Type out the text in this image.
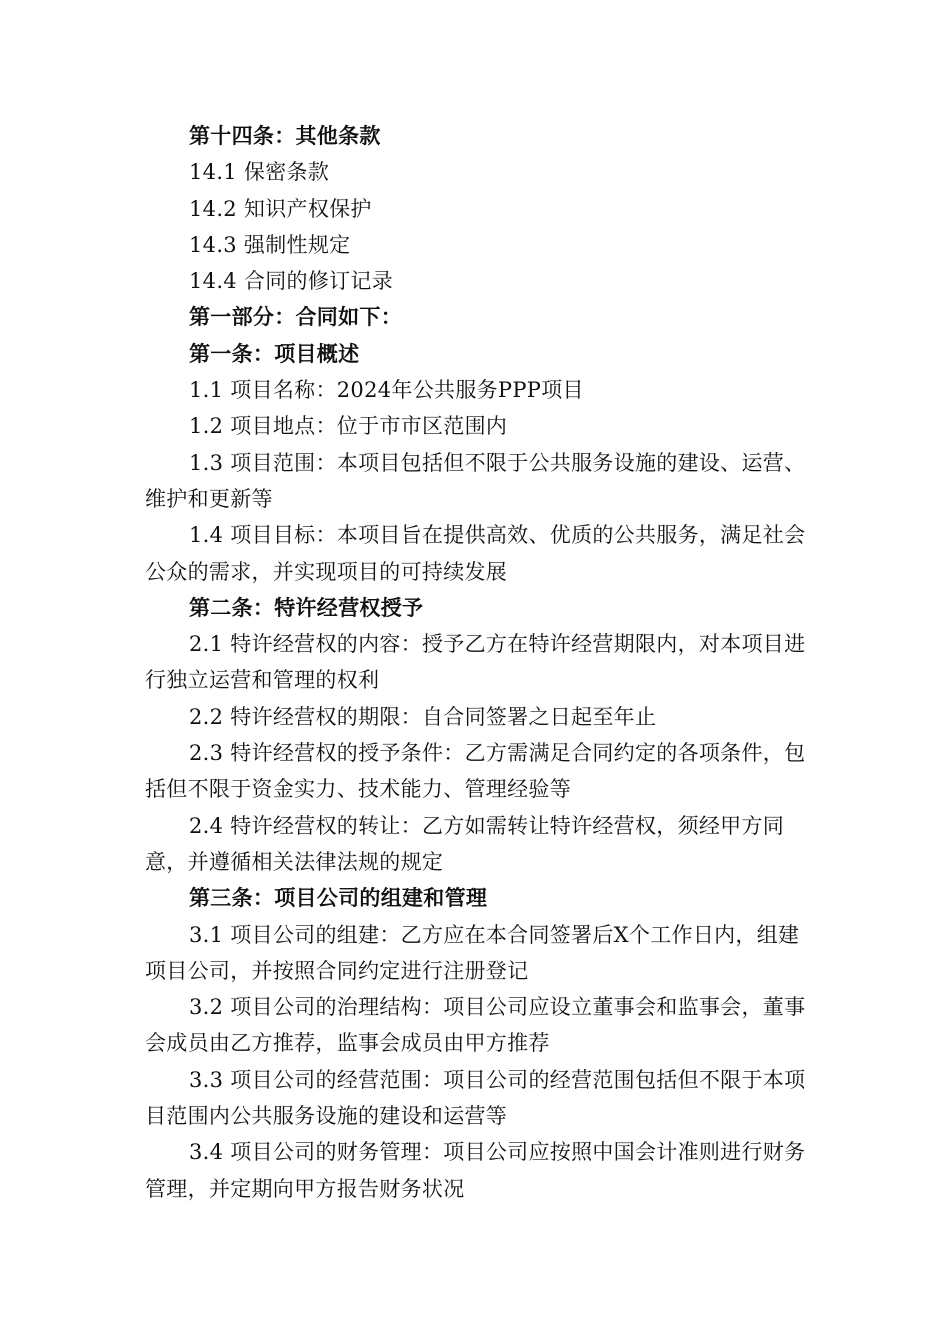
第十四条：其他条款

14.1 保密条款

14.2 知识产权保护

14.3 强制性规定

14.4 合同的修订记录

第一部分：合同如下：

第一条：项目概述

1.1 项目名称：2024年公共服务PPP项目

1.2 项目地点：位于市市区范围内

1.3 项目范围：本项目包括但不限于公共服务设施的建设、运营、维护和更新等

1.4 项目目标：本项目旨在提供高效、优质的公共服务，满足社会公众的需求，并实现项目的可持续发展

第二条：特许经营权授予

2.1 特许经营权的内容：授予乙方在特许经营期限内，对本项目进行独立运营和管理的权利

2.2 特许经营权的期限：自合同签署之日起至年止

2.3 特许经营权的授予条件：乙方需满足合同约定的各项条件，包括但不限于资金实力、技术能力、管理经验等

2.4 特许经营权的转让：乙方如需转让特许经营权，须经甲方同意，并遵循相关法律法规的规定

第三条：项目公司的组建和管理

3.1 项目公司的组建：乙方应在本合同签署后X个工作日内，组建项目公司，并按照合同约定进行注册登记

3.2 项目公司的治理结构：项目公司应设立董事会和监事会，董事会成员由乙方推荐，监事会成员由甲方推荐

3.3 项目公司的经营范围：项目公司的经营范围包括但不限于本项目范围内公共服务设施的建设和运营等

3.4 项目公司的财务管理：项目公司应按照中国会计准则进行财务管理，并定期向甲方报告财务状况
